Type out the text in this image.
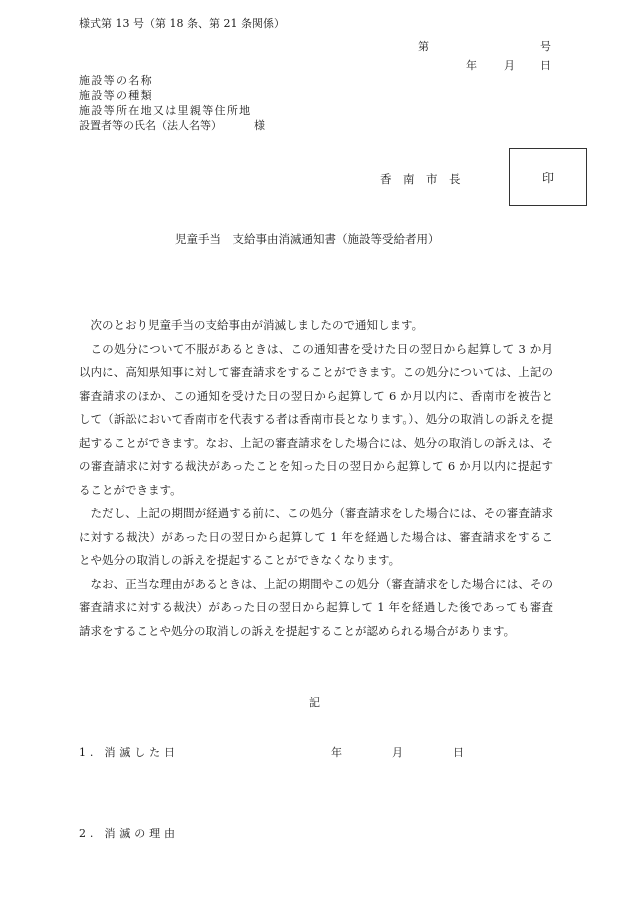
様式第 13 号（第 18 条、第 21 条関係）
第	号
年 月 日
施設等の名称
施設等の種類
施設等所在地又は里親等住所地
設置者等の氏名（法人名等）	様
香　南　市　長	印
児童手当　支給事由消滅通知書（施設等受給者用）

次のとおり児童手当の支給事由が消滅しましたので通知します。

この処分について不服があるときは、この通知書を受けた日の翌日から起算して 3 か月以内に、高知県知事に対して審査請求をすることができます。この処分については、上記の審査請求のほか、この通知を受けた日の翌日から起算して 6 か月以内に、香南市を被告として（訴訟において香南市を代表する者は香南市長となります。）、処分の取消しの訴えを提起することができます。なお、上記の審査請求をした場合には、処分の取消しの訴えは、その審査請求に対する裁決があったことを知った日の翌日から起算して 6 か月以内に提起することができます。

ただし、上記の期間が経過する前に、この処分（審査請求をした場合には、その審査請求に対する裁決）があった日の翌日から起算して 1 年を経過した場合は、審査請求をすることや処分の取消しの訴えを提起することができなくなります。

なお、正当な理由があるときは、上記の期間やこの処分（審査請求をした場合には、その審査請求に対する裁決）があった日の翌日から起算して 1 年を経過した後であっても審査請求をすることや処分の取消しの訴えを提起することが認められる場合があります。

記
1. 消滅した日	年	月	日
2. 消滅の理由
